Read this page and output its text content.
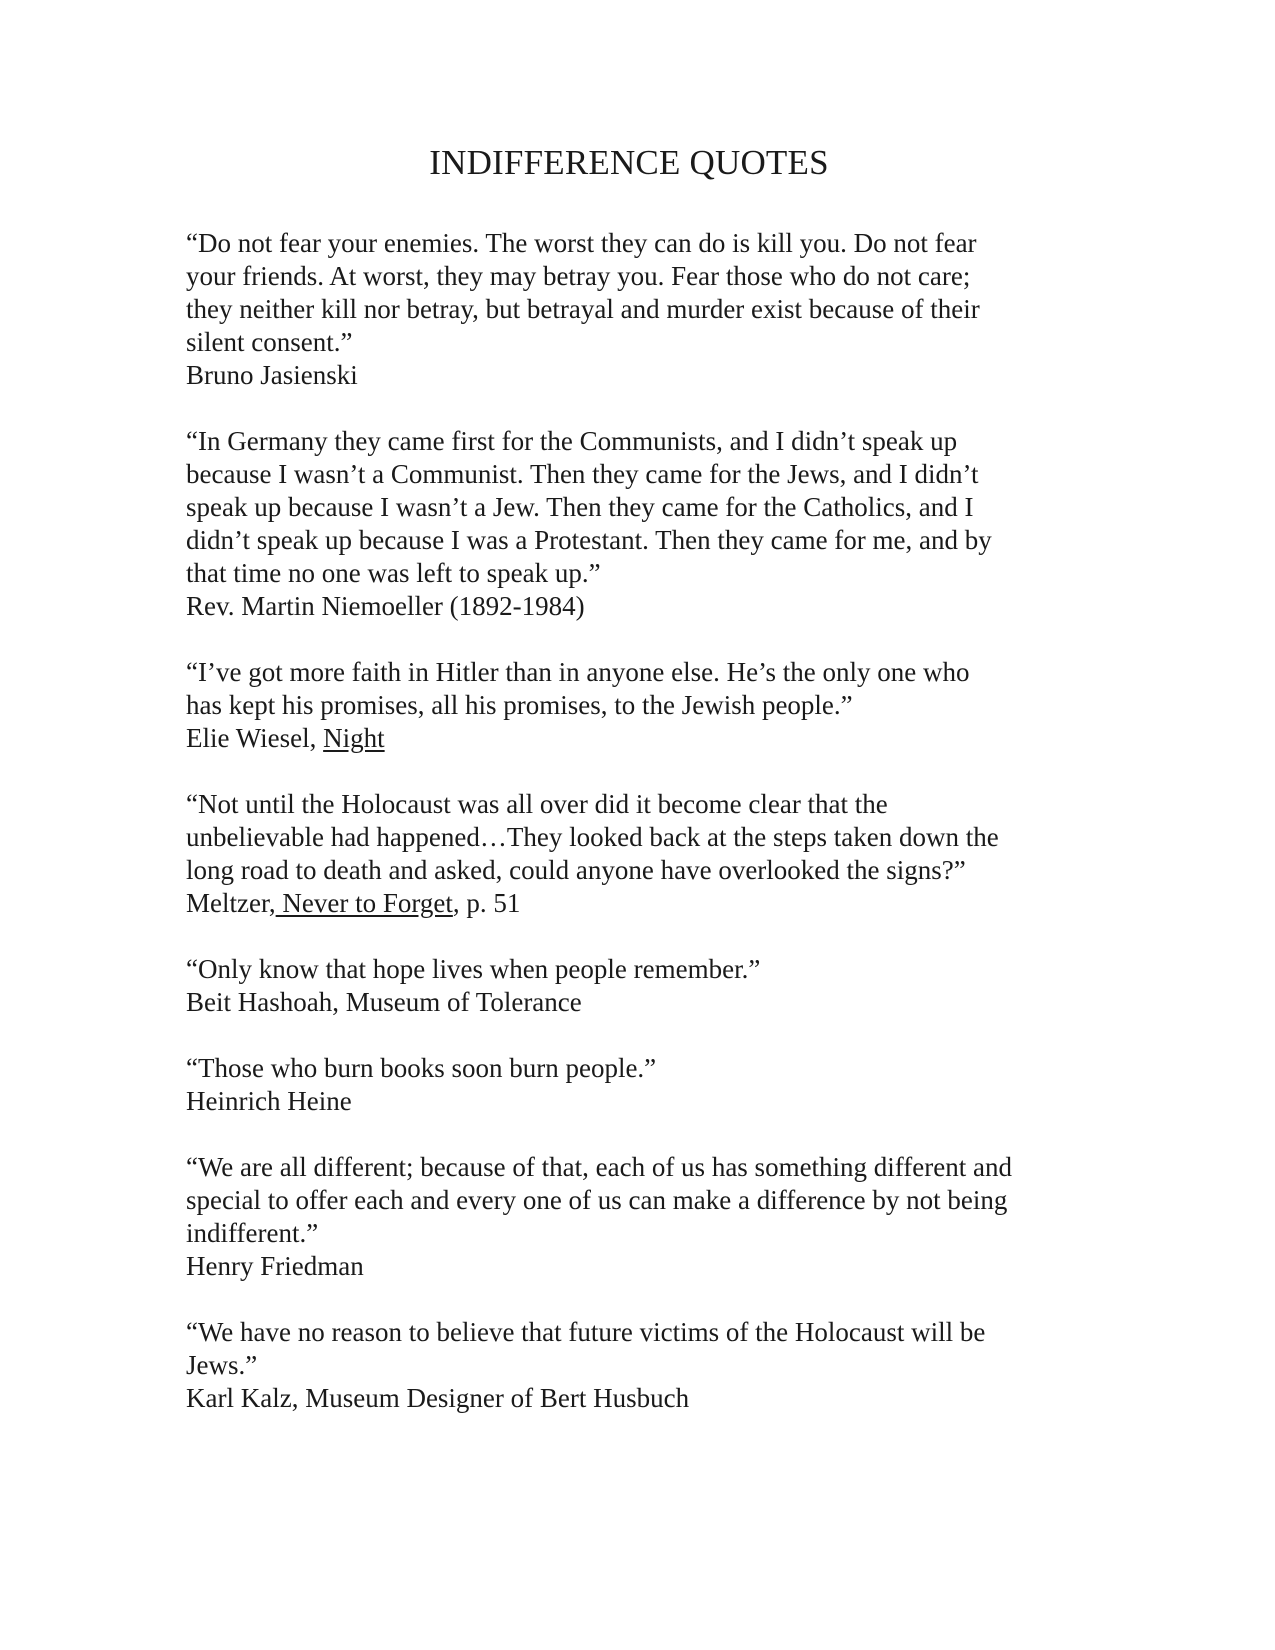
INDIFFERENCE QUOTES

“Do not fear your enemies. The worst they can do is kill you. Do not fear
your friends. At worst, they may betray you. Fear those who do not care;
they neither kill nor betray, but betrayal and murder exist because of their
silent consent.”

Bruno Jasienski

“In Germany they came first for the Communists, and I didn’t speak up
because I wasn’t a Communist. Then they came for the Jews, and I didn’t
speak up because I wasn’t a Jew. Then they came for the Catholics, and I
didn’t speak up because I was a Protestant. Then they came for me, and by
that time no one was left to speak up.”

Rev. Martin Niemoeller (1892-1984)

“I’ve got more faith in Hitler than in anyone else. He’s the only one who
has kept his promises, all his promises, to the Jewish people.”

Elie Wiesel, Night

“Not until the Holocaust was all over did it become clear that the
unbelievable had happened…They looked back at the steps taken down the
long road to death and asked, could anyone have overlooked the signs?”

Meltzer, Never to Forget, p. 51

“Only know that hope lives when people remember.”

Beit Hashoah, Museum of Tolerance

“Those who burn books soon burn people.”

Heinrich Heine

“We are all different; because of that, each of us has something different and
special to offer each and every one of us can make a difference by not being
indifferent.”

Henry Friedman

“We have no reason to believe that future victims of the Holocaust will be
Jews.”

Karl Kalz, Museum Designer of Bert Husbuch
